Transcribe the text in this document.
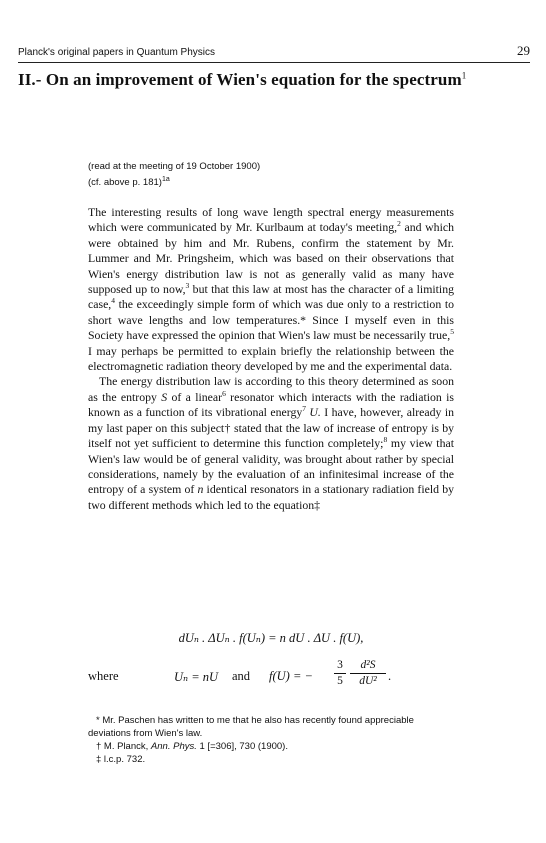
Planck's original papers in Quantum Physics	29
II.- On an improvement of Wien's equation for the spectrum$^1$
(read at the meeting of 19 October 1900)
(cf. above p. 181)$^{1a}$

The interesting results of long wave length spectral energy measurements which were communicated by Mr. Kurlbaum at today's meeting,$^2$ and which were obtained by him and Mr. Rubens, confirm the statement by Mr. Lummer and Mr. Pringsheim, which was based on their observations that Wien's energy distribution law is not as generally valid as many have supposed up to now,$^3$ but that this law at most has the character of a limiting case,$^4$ the exceedingly simple form of which was due only to a restriction to short wave lengths and low temperatures.* Since I myself even in this Society have expressed the opinion that Wien's law must be necessarily true,$^5$ I may perhaps be permitted to explain briefly the relationship between the electromagnetic radiation theory developed by me and the experimental data.

The energy distribution law is according to this theory determined as soon as the entropy S of a linear$^6$ resonator which interacts with the radiation is known as a function of its vibrational energy$^7$ U. I have, however, already in my last paper on this subject† stated that the law of increase of entropy is by itself not yet sufficient to determine this function completely;$^8$ my view that Wien's law would be of general validity, was brought about rather by special considerations, namely by the evaluation of an infinitesimal increase of the entropy of a system of n identical resonators in a stationary radiation field by two different methods which led to the equation‡

dUₙ . ΔUₙ . f(Uₙ) = n dU . ΔU . f(U),
where	Uₙ = nU and f(U) = − $\frac{3}{5} \frac{\text{d²S}}{\text{dU²}}$ .

* Mr. Paschen has written to me that he also has recently found appreciable deviations from Wien's law.

† M. Planck, Ann. Phys. 1 [=306], 730 (1900).

‡ l.c.p. 732.
